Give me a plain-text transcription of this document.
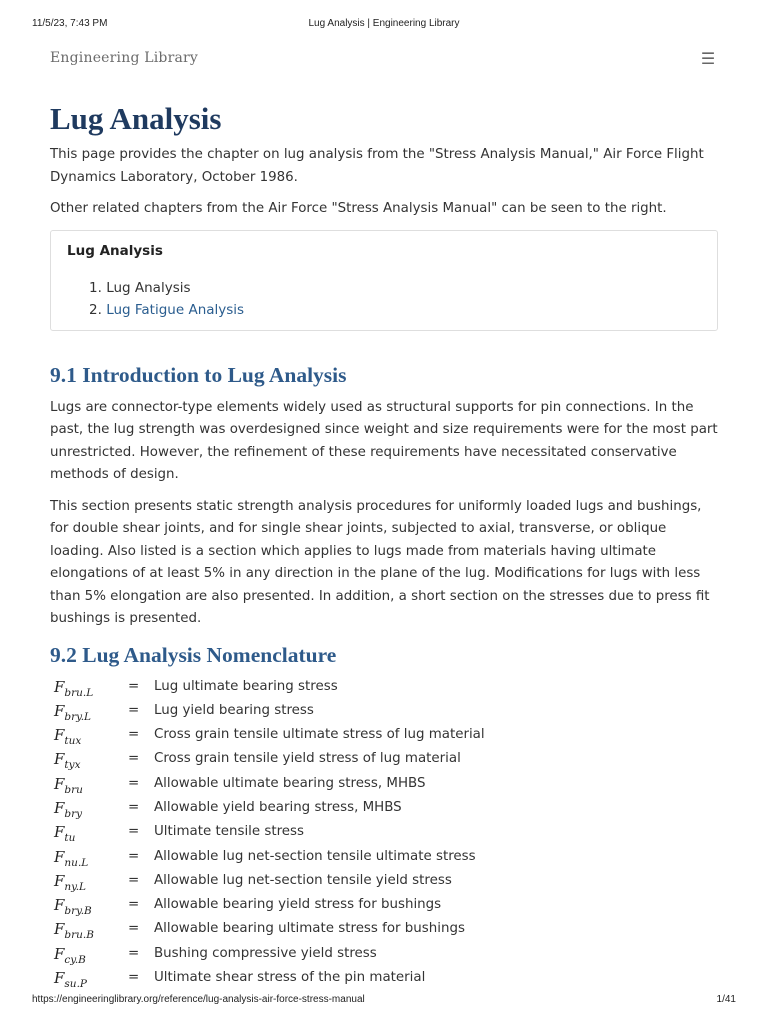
11/5/23, 7:43 PM	Lug Analysis | Engineering Library
Engineering Library	☰
Lug Analysis

This page provides the chapter on lug analysis from the "Stress Analysis Manual," Air Force Flight Dynamics Laboratory, October 1986.

Other related chapters from the Air Force "Stress Analysis Manual" can be seen to the right.

Lug Analysis
1. Lug Analysis
2. Lug Fatigue Analysis
9.1 Introduction to Lug Analysis

Lugs are connector-type elements widely used as structural supports for pin connections. In the past, the lug strength was overdesigned since weight and size requirements were for the most part unrestricted. However, the refinement of these requirements have necessitated conservative methods of design.

This section presents static strength analysis procedures for uniformly loaded lugs and bushings, for double shear joints, and for single shear joints, subjected to axial, transverse, or oblique loading. Also listed is a section which applies to lugs made from materials having ultimate elongations of at least 5% in any direction in the plane of the lug. Modifications for lugs with less than 5% elongation are also presented. In addition, a short section on the stresses due to press fit bushings is presented.

9.2 Lug Analysis Nomenclature
$F_{bru.L}$	=	Lug ultimate bearing stress
$F_{bry.L}$	=	Lug yield bearing stress
$F_{tux}$	=	Cross grain tensile ultimate stress of lug material
$F_{tyx}$	=	Cross grain tensile yield stress of lug material
$F_{bru}$	=	Allowable ultimate bearing stress, MHBS
$F_{bry}$	=	Allowable yield bearing stress, MHBS
$F_{tu}$	=	Ultimate tensile stress
$F_{nu.L}$	=	Allowable lug net-section tensile ultimate stress
$F_{ny.L}$	=	Allowable lug net-section tensile yield stress
$F_{bry.B}$	=	Allowable bearing yield stress for bushings
$F_{bru.B}$	=	Allowable bearing ultimate stress for bushings
$F_{cy.B}$	=	Bushing compressive yield stress
$F_{su.P}$	=	Ultimate shear stress of the pin material
https://engineeringlibrary.org/reference/lug-analysis-air-force-stress-manual	1/41
